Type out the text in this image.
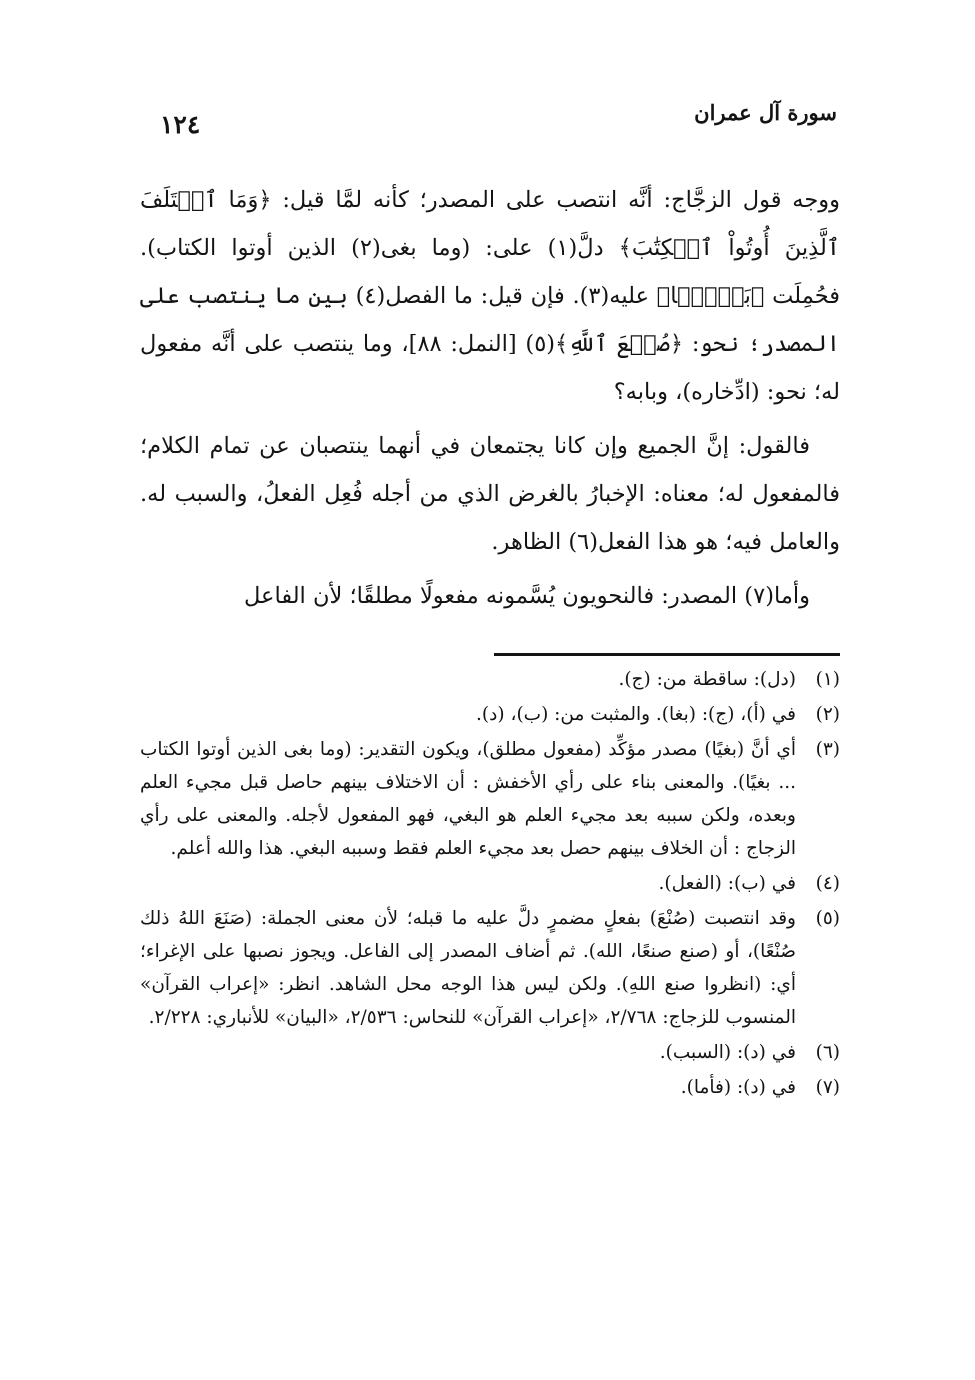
سورة آل عمران
١٢٤

ووجه قول الزجَّاج: أنَّه انتصب على المصدر؛ كأنه لمَّا قيل: ﴿وَمَا ٱخۡتَلَفَ ٱلَّذِينَ أُوتُواْ ٱلۡكِتَٰبَ﴾ دلَّ(١) على: (وما بغى(٢) الذين أوتوا الكتاب). فحُمِلَت ﴿بَغۡيَۢا﴾ عليه(٣). فإن قيل: ما الفصل(٤) بين ما ينتصب على المصدر؛ نحو: ﴿صُنۡعَ ٱللَّهِ﴾(٥) [النمل: ٨٨]، وما ينتصب على أنَّه مفعول له؛ نحو: (ادِّخاره)، وبابه؟

فالقول: إنَّ الجميع وإن كانا يجتمعان في أنهما ينتصبان عن تمام الكلام؛ فالمفعول له؛ معناه: الإخبارُ بالغرض الذي من أجله فُعِل الفعلُ، والسبب له. والعامل فيه؛ هو هذا الفعل(٦) الظاهر.

وأما(٧) المصدر: فالنحويون يُسَّمونه مفعولًا مطلقًا؛ لأن الفاعل

(١)
(دل): ساقطة من: (ج).
(٢)
في (أ)، (ج): (بغا). والمثبت من: (ب)، (د).
(٣)
أي أنَّ (بغيًا) مصدر مؤكِّد (مفعول مطلق)، ويكون التقدير: (وما بغى الذين أوتوا الكتاب ... بغيًا). والمعنى بناء على رأي الأخفش : أن الاختلاف بينهم حاصل قبل مجيء العلم وبعده، ولكن سببه بعد مجيء العلم هو البغي، فهو المفعول لأجله. والمعنى على رأي الزجاج : أن الخلاف بينهم حصل بعد مجيء العلم فقط وسببه البغي. هذا والله أعلم.
(٤)
في (ب): (الفعل).
(٥)
وقد انتصبت (صُنْعَ) بفعلٍ مضمرٍ دلَّ عليه ما قبله؛ لأن معنى الجملة: (صَنَعَ اللهُ ذلك صُنْعًا)، أو (صنع صنعًا، الله). ثم أضاف المصدر إلى الفاعل. ويجوز نصبها على الإغراء؛ أي: (انظروا صنع اللهِ). ولكن ليس هذا الوجه محل الشاهد. انظر: «إعراب القرآن» المنسوب للزجاج: ٢/٧٦٨، «إعراب القرآن» للنحاس: ٢/٥٣٦، «البيان» للأنباري: ٢/٢٢٨.
(٦)
في (د): (السبب).
(٧)
في (د): (فأما).
